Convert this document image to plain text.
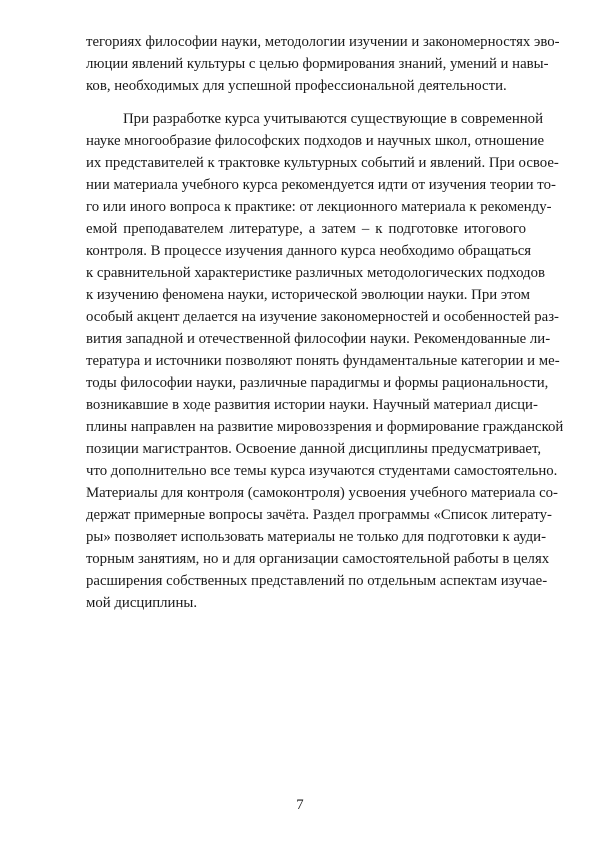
тегориях философии науки, методологии изучении и закономерностях эво-
люции явлений культуры с целью формирования знаний, умений и навы-
ков, необходимых для успешной профессиональной деятельности.
При разработке курса учитываются существующие в современной
науке многообразие философских подходов и научных школ, отношение
их представителей к трактовке культурных событий и явлений. При освое-
нии материала учебного курса рекомендуется идти от изучения теории то-
го или иного вопроса к практике: от лекционного материала к рекоменду-
емой преподавателем литературе, а затем – к подготовке итогового
контроля. В процессе изучения данного курса необходимо обращаться
к сравнительной характеристике различных методологических подходов
к изучению феномена науки, исторической эволюции науки. При этом
особый акцент делается на изучение закономерностей и особенностей раз-
вития западной и отечественной философии науки. Рекомендованные ли-
тература и источники позволяют понять фундаментальные категории и ме-
тоды философии науки, различные парадигмы и формы рациональности,
возникавшие в ходе развития истории науки. Научный материал дисци-
плины направлен на развитие мировоззрения и формирование гражданской
позиции магистрантов. Освоение данной дисциплины предусматривает,
что дополнительно все темы курса изучаются студентами самостоятельно.
Материалы для контроля (самоконтроля) усвоения учебного материала со-
держат примерные вопросы зачёта. Раздел программы «Список литерату-
ры» позволяет использовать материалы не только для подготовки к ауди-
торным занятиям, но и для организации самостоятельной работы в целях
расширения собственных представлений по отдельным аспектам изучае-
мой дисциплины.
7
